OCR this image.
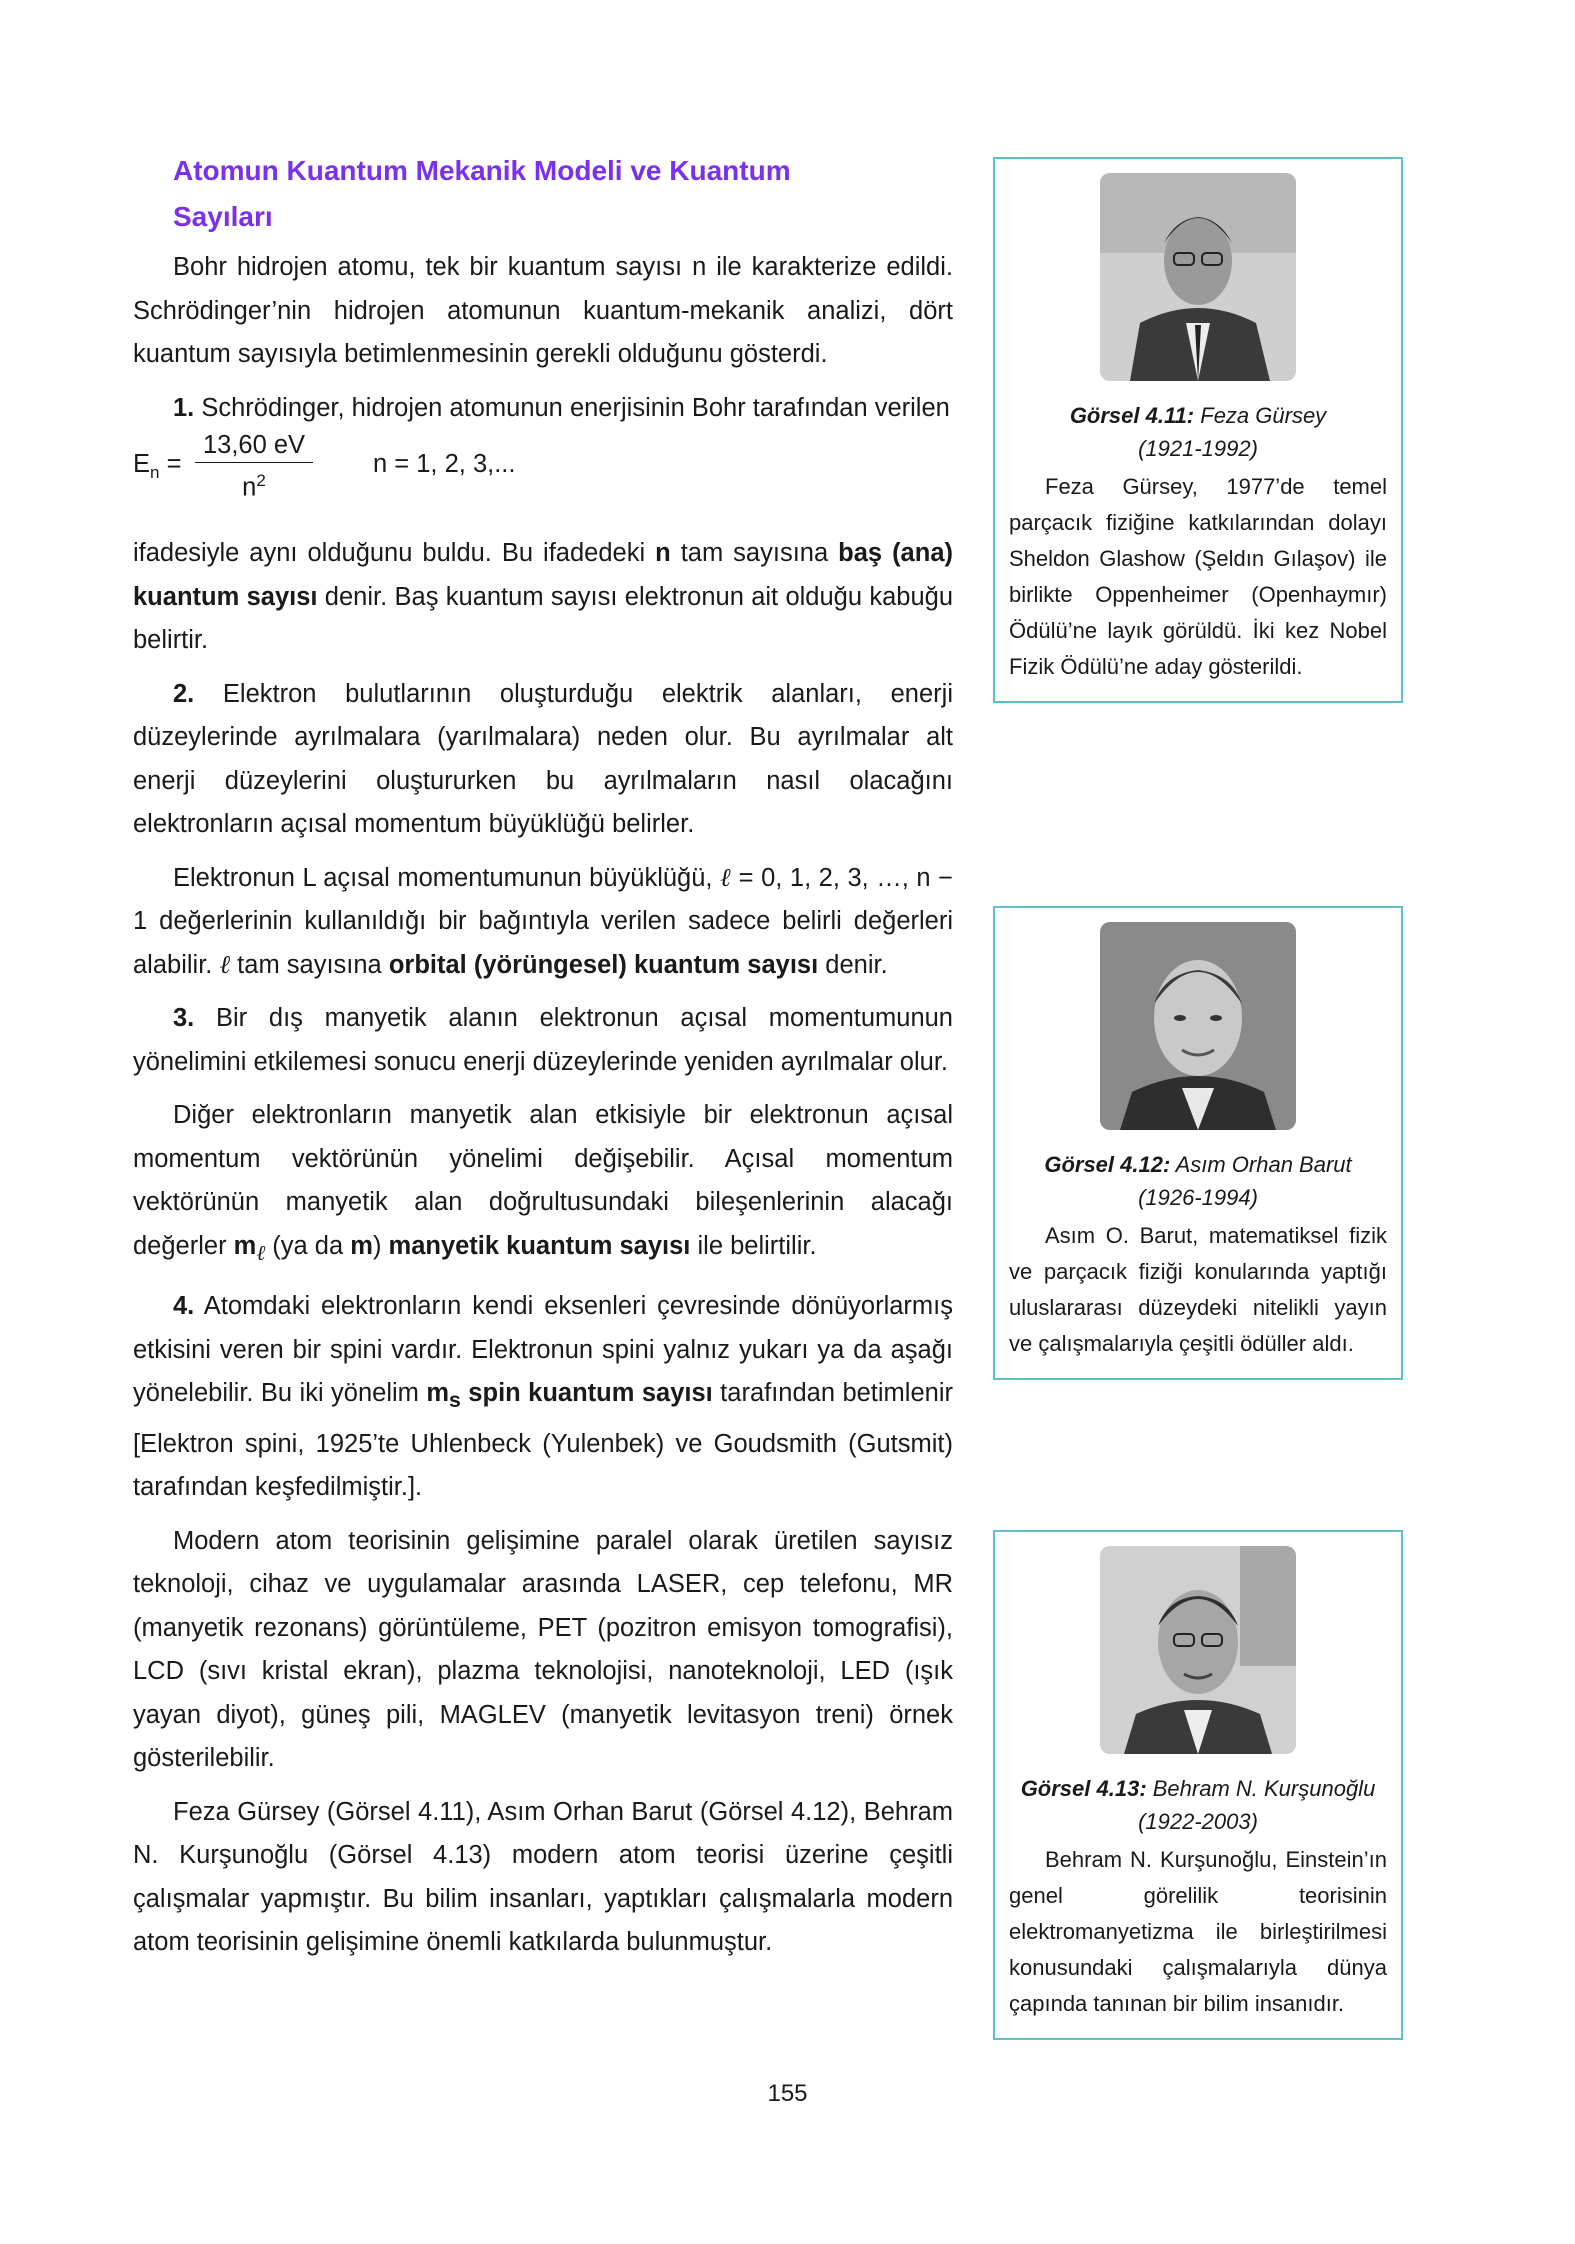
Atomun Kuantum Mekanik Modeli ve Kuantum Sayıları

Bohr hidrojen atomu, tek bir kuantum sayısı n ile karakterize edildi. Schrödinger’nin hidrojen atomunun kuantum-mekanik analizi, dört kuantum sayısıyla betimlenmesinin gerekli olduğunu gösterdi.

1. Schrödinger, hidrojen atomunun enerjisinin Bohr tarafından verilen

$E_n = \frac{13,60 eV}{n^2}$ n = 1, 2, 3,...

ifadesiyle aynı olduğunu buldu. Bu ifadedeki n tam sayısına baş (ana) kuantum sayısı denir. Baş kuantum sayısı elektronun ait olduğu kabuğu belirtir.

2. Elektron bulutlarının oluşturduğu elektrik alanları, enerji düzeylerinde ayrılmalara (yarılmalara) neden olur. Bu ayrılmalar alt enerji düzeylerini oluştururken bu ayrılmaların nasıl olacağını elektronların açısal momentum büyüklüğü belirler.

Elektronun L açısal momentumunun büyüklüğü, ℓ = 0, 1, 2, 3, …, n − 1 değerlerinin kullanıldığı bir bağıntıyla verilen sadece belirli değerleri alabilir. ℓ tam sayısına orbital (yörüngesel) kuantum sayısı denir.

3. Bir dış manyetik alanın elektronun açısal momentumunun yönelimini etkilemesi sonucu enerji düzeylerinde yeniden ayrılmalar olur.

Diğer elektronların manyetik alan etkisiyle bir elektronun açısal momentum vektörünün yönelimi değişebilir. Açısal momentum vektörünün manyetik alan doğrultusundaki bileşenlerinin alacağı değerler $m_\ell$ (ya da m) manyetik kuantum sayısı ile belirtilir.

4. Atomdaki elektronların kendi eksenleri çevresinde dönüyorlarmış etkisini veren bir spini vardır. Elektronun spini yalnız yukarı ya da aşağı yönelebilir. Bu iki yönelim $m_s$ spin kuantum sayısı tarafından betimlenir [Elektron spini, 1925’te Uhlenbeck (Yulenbek) ve Goudsmith (Gutsmit) tarafından keşfedilmiştir.].

Modern atom teorisinin gelişimine paralel olarak üretilen sayısız teknoloji, cihaz ve uygulamalar arasında LASER, cep telefonu, MR (manyetik rezonans) görüntüleme, PET (pozitron emisyon tomografisi), LCD (sıvı kristal ekran), plazma teknolojisi, nanoteknoloji, LED (ışık yayan diyot), güneş pili, MAGLEV (manyetik levitasyon treni) örnek gösterilebilir.

Feza Gürsey (Görsel 4.11), Asım Orhan Barut (Görsel 4.12), Behram N. Kurşunoğlu (Görsel 4.13) modern atom teorisi üzerine çeşitli çalışmalar yapmıştır. Bu bilim insanları, yaptıkları çalışmalarla modern atom teorisinin gelişimine önemli katkılarda bulunmuştur.

Görsel 4.11: Feza Gürsey

(1921-1992)

Feza Gürsey, 1977’de temel parçacık fiziğine katkılarından dolayı Sheldon Glashow (Şeldın Gılaşov) ile birlikte Oppenheimer (Openhaymır) Ödülü’ne layık görüldü. İki kez Nobel Fizik Ödülü’ne aday gösterildi.

Görsel 4.12: Asım Orhan Barut

(1926-1994)

Asım O. Barut, matematiksel fizik ve parçacık fiziği konularında yaptığı uluslararası düzeydeki nitelikli yayın ve çalışmalarıyla çeşitli ödüller aldı.

Görsel 4.13: Behram N. Kurşunoğlu

(1922-2003)

Behram N. Kurşunoğlu, Einstein’ın genel görelilik teorisinin elektromanyetizma ile birleştirilmesi konusundaki çalışmalarıyla dünya çapında tanınan bir bilim insanıdır.

155
